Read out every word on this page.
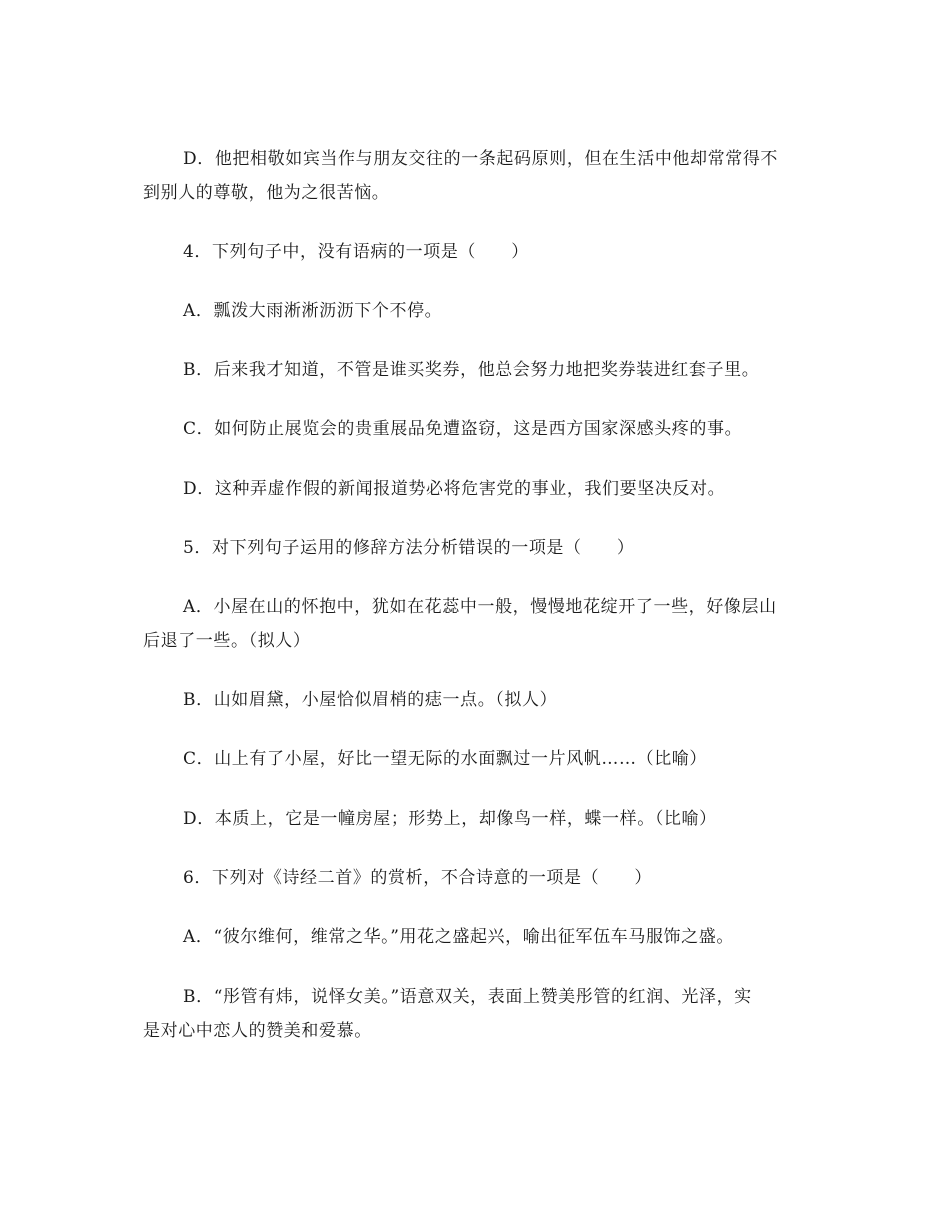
D．他把相敬如宾当作与朋友交往的一条起码原则，但在生活中他却常常得不
到别人的尊敬，他为之很苦恼。
4．下列句子中，没有语病的一项是（　　）
A．瓢泼大雨淅淅沥沥下个不停。
B．后来我才知道，不管是谁买奖券，他总会努力地把奖券装进红套子里。
C．如何防止展览会的贵重展品免遭盗窃，这是西方国家深感头疼的事。
D．这种弄虚作假的新闻报道势必将危害党的事业，我们要坚决反对。
5．对下列句子运用的修辞方法分析错误的一项是（　　）
A．小屋在山的怀抱中，犹如在花蕊中一般，慢慢地花绽开了一些，好像层山
后退了一些。（拟人）
B．山如眉黛，小屋恰似眉梢的痣一点。（拟人）
C．山上有了小屋，好比一望无际的水面飘过一片风帆……（比喻）
D．本质上，它是一幢房屋；形势上，却像鸟一样，蝶一样。（比喻）
6．下列对《诗经二首》的赏析，不合诗意的一项是（　　）
A．“彼尔维何，维常之华。”用花之盛起兴，喻出征军伍车马服饰之盛。
B．“彤管有炜，说怿女美。”语意双关，表面上赞美彤管的红润、光泽，实
是对心中恋人的赞美和爱慕。
